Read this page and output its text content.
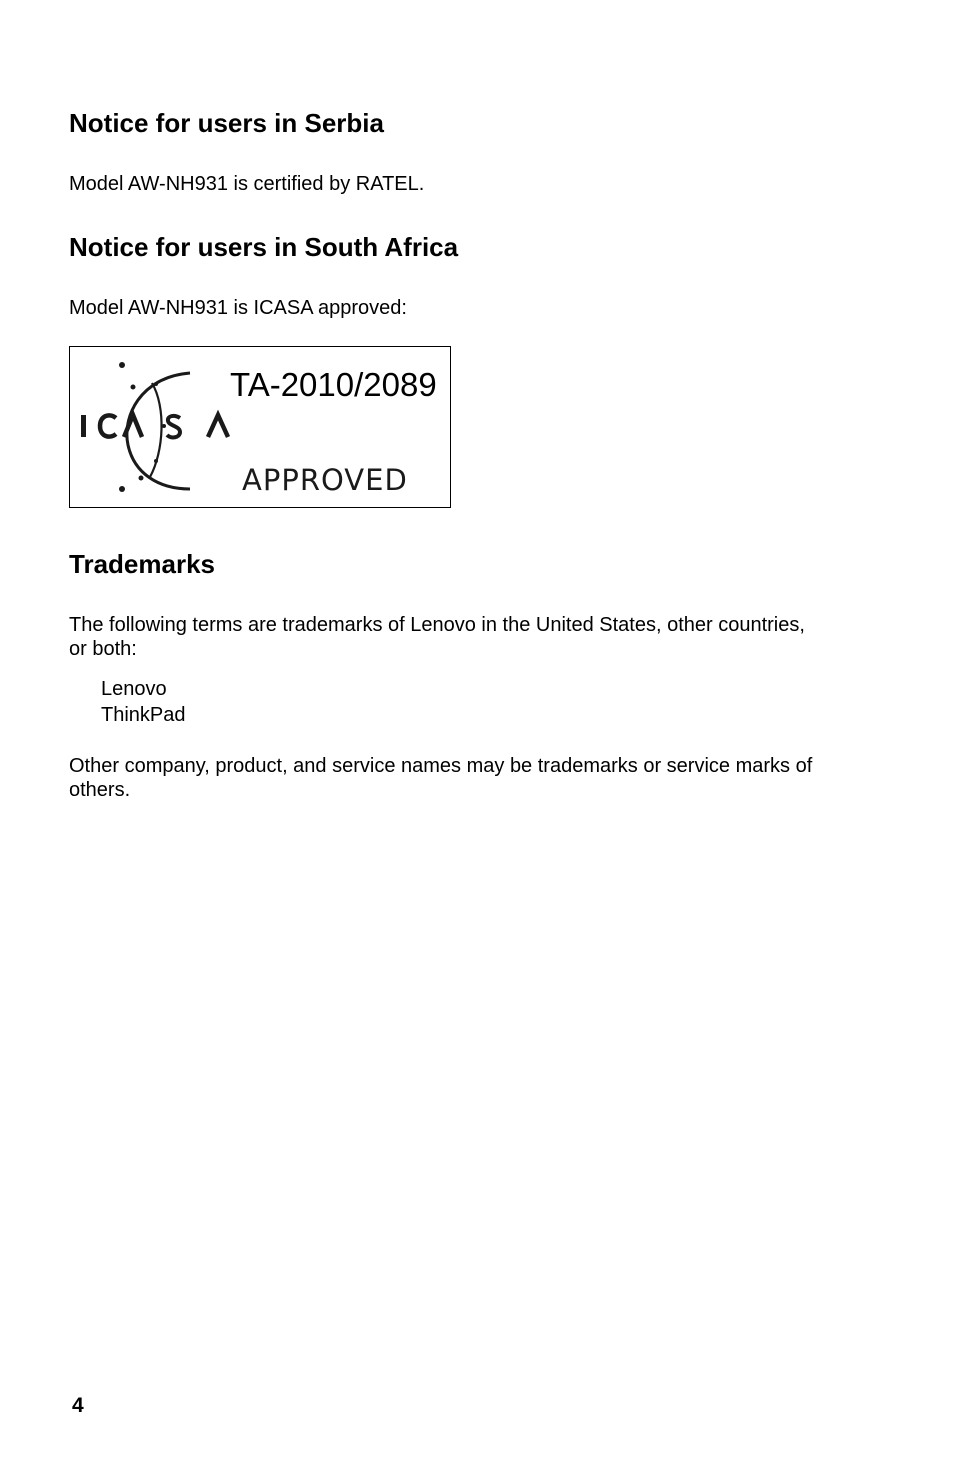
Notice for users in Serbia

Model AW-NH931 is certified by RATEL.

Notice for users in South Africa

Model AW-NH931 is ICASA approved:

TA-2010/2089
APPROVED
Trademarks

The following terms are trademarks of Lenovo in the United States, other countries, or both:

Lenovo

ThinkPad

Other company, product, and service names may be trademarks or service marks of others.

4
